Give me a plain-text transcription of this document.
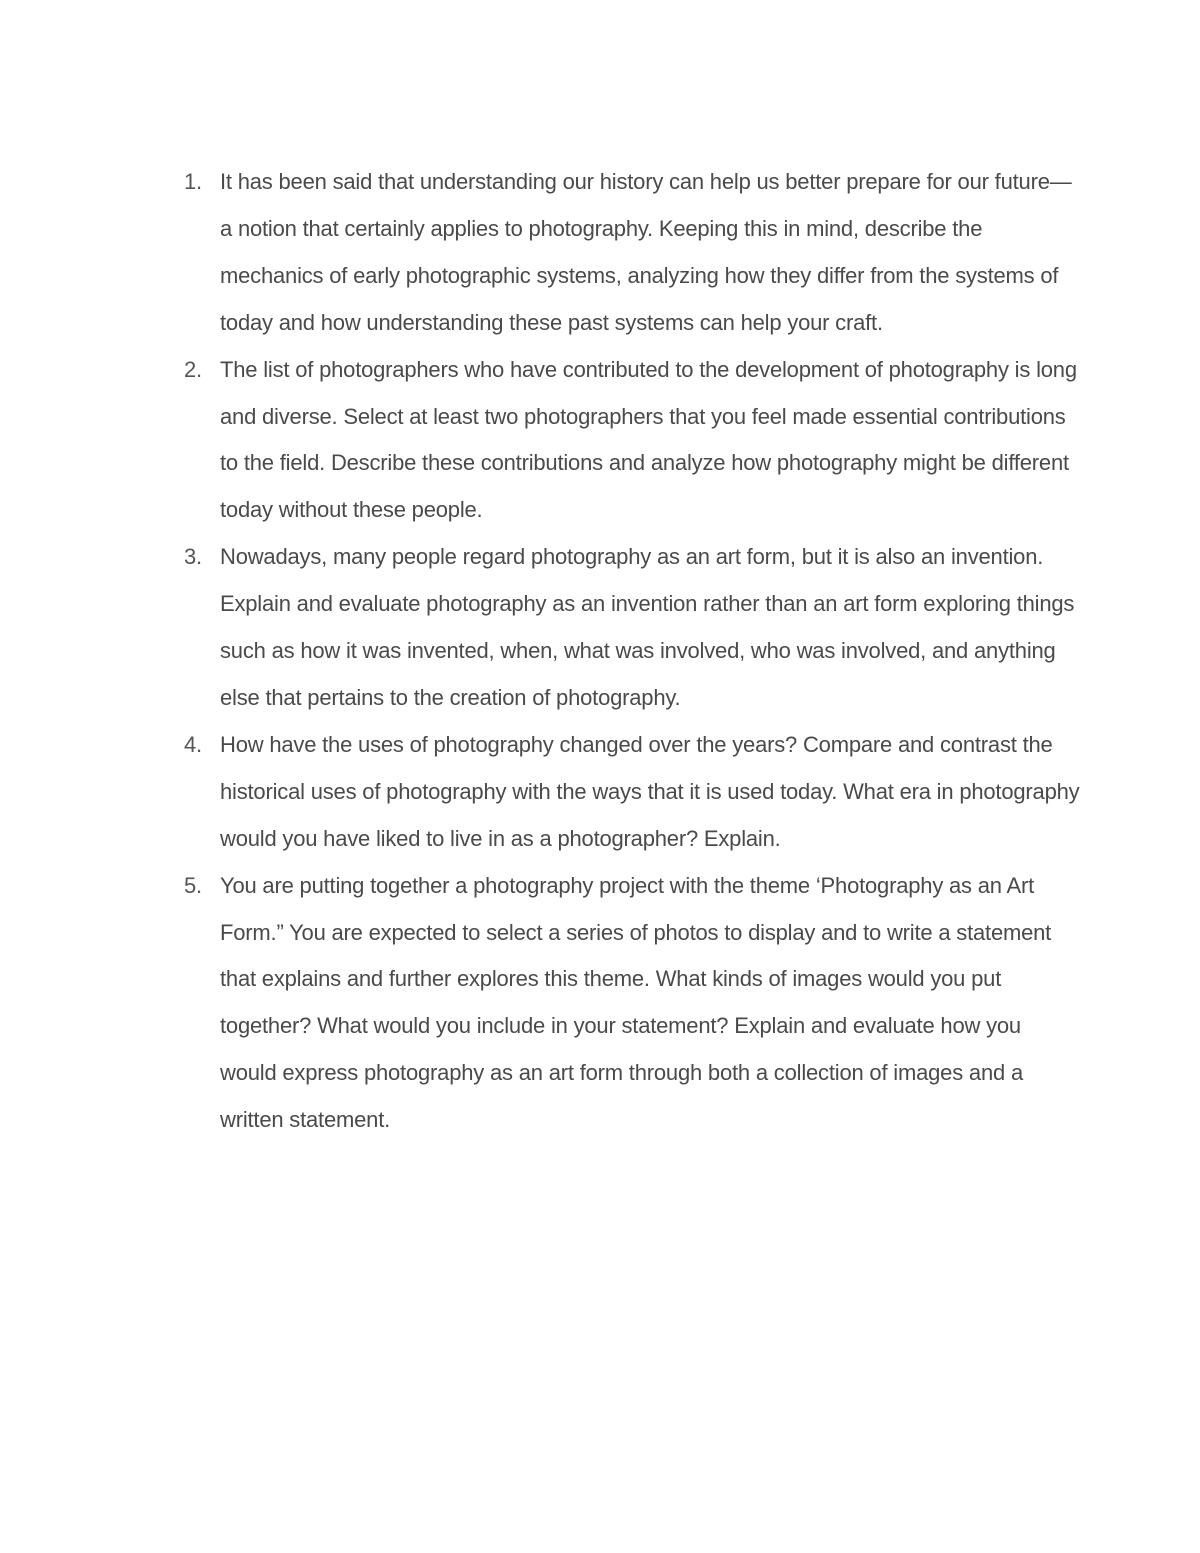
1. It has been said that understanding our history can help us better prepare for our future—a notion that certainly applies to photography. Keeping this in mind, describe the mechanics of early photographic systems, analyzing how they differ from the systems of today and how understanding these past systems can help your craft.
2. The list of photographers who have contributed to the development of photography is long and diverse. Select at least two photographers that you feel made essential contributions to the field. Describe these contributions and analyze how photography might be different today without these people.
3. Nowadays, many people regard photography as an art form, but it is also an invention. Explain and evaluate photography as an invention rather than an art form exploring things such as how it was invented, when, what was involved, who was involved, and anything else that pertains to the creation of photography.
4. How have the uses of photography changed over the years? Compare and contrast the historical uses of photography with the ways that it is used today. What era in photography would you have liked to live in as a photographer? Explain.
5. You are putting together a photography project with the theme ‘Photography as an Art Form.” You are expected to select a series of photos to display and to write a statement that explains and further explores this theme. What kinds of images would you put together? What would you include in your statement? Explain and evaluate how you would express photography as an art form through both a collection of images and a written statement.
